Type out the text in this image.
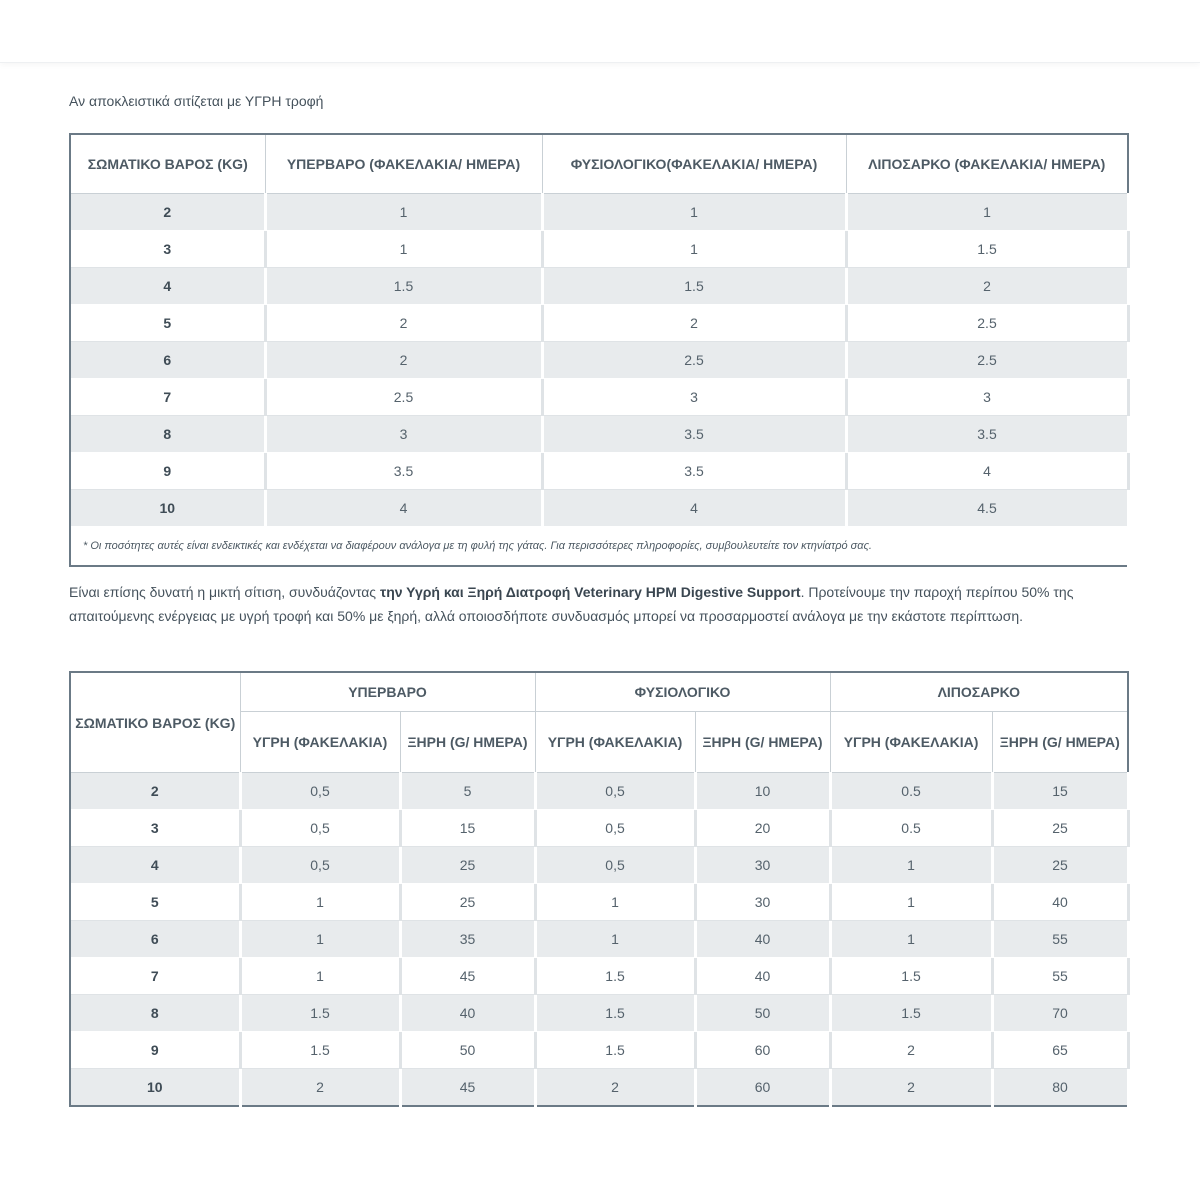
Αν αποκλειστικά σιτίζεται με ΥΓΡΗ τροφή
ΣΩΜΑΤΙΚΟ ΒΑΡΟΣ (KG)	ΥΠΕΡΒΑΡΟ (ΦΑΚΕΛΑΚΙΑ/ ΗΜΕΡΑ)	ΦΥΣΙΟΛΟΓΙΚΟ(ΦΑΚΕΛΑΚΙΑ/ ΗΜΕΡΑ)	ΛΙΠΟΣΑΡΚΟ (ΦΑΚΕΛΑΚΙΑ/ ΗΜΕΡΑ)
2	1	1	1
3	1	1	1.5
4	1.5	1.5	2
5	2	2	2.5
6	2	2.5	2.5
7	2.5	3	3
8	3	3.5	3.5
9	3.5	3.5	4
10	4	4	4.5
* Οι ποσότητες αυτές είναι ενδεικτικές και ενδέχεται να διαφέρουν ανάλογα με τη φυλή της γάτας. Για περισσότερες πληροφορίες, συμβουλευτείτε τον κτηνίατρό σας.			
Είναι επίσης δυνατή η μικτή σίτιση, συνδυάζοντας την Υγρή και Ξηρή Διατροφή Veterinary HPM Digestive Support. Προτείνουμε την παροχή περίπου 50% της απαιτούμενης ενέργειας με υγρή τροφή και 50% με ξηρή, αλλά οποιοσδήποτε συνδυασμός μπορεί να προσαρμοστεί ανάλογα με την εκάστοτε περίπτωση.
ΣΩΜΑΤΙΚΟ ΒΑΡΟΣ (KG)	ΥΠΕΡΒΑΡΟ		ΦΥΣΙΟΛΟΓΙΚΟ		ΛΙΠΟΣΑΡΚΟ	
	ΥΓΡΗ (ΦΑΚΕΛΑΚΙΑ)	ΞΗΡΗ (G/ ΗΜΕΡΑ)	ΥΓΡΗ (ΦΑΚΕΛΑΚΙΑ)	ΞΗΡΗ (G/ ΗΜΕΡΑ)	ΥΓΡΗ (ΦΑΚΕΛΑΚΙΑ)	ΞΗΡΗ (G/ ΗΜΕΡΑ)
2	0,5	5	0,5	10	0.5	15
3	0,5	15	0,5	20	0.5	25
4	0,5	25	0,5	30	1	25
5	1	25	1	30	1	40
6	1	35	1	40	1	55
7	1	45	1.5	40	1.5	55
8	1.5	40	1.5	50	1.5	70
9	1.5	50	1.5	60	2	65
10	2	45	2	60	2	80
